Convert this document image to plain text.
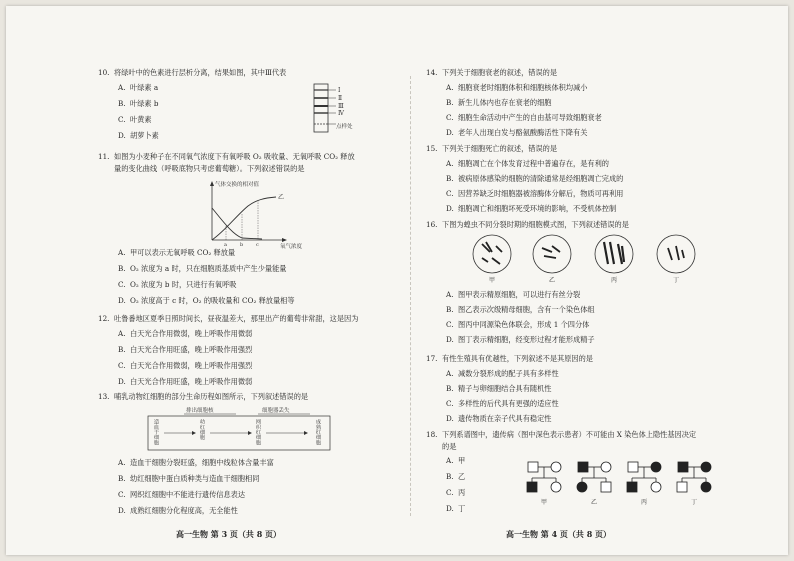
10. 将绿叶中的色素进行层析分离，结果如图，其中Ⅲ代表

A. 叶绿素 a

B. 叶绿素 b

C. 叶黄素

D. 胡萝卜素

Ⅰ
Ⅱ
Ⅲ
Ⅳ
点样处

11. 如图为小麦种子在不同氧气浓度下有氧呼吸 O₂ 吸收量、无氧呼吸 CO₂ 释放

量的变化曲线（呼吸底物只考虑葡萄糖）。下列叙述错误的是

气体交换的相对值
氧气浓度
乙
a	b	c

A. 甲可以表示无氧呼吸 CO₂ 释放量

B. O₂ 浓度为 a 时，只在细胞质基质中产生少量能量

C. O₂ 浓度为 b 时，只进行有氧呼吸

D. O₂ 浓度高于 c 时，O₂ 的吸收量和 CO₂ 释放量相等

12. 吐鲁番地区夏季日照时间长，昼夜温差大，那里出产的葡萄非常甜，这是因为

A. 白天光合作用微弱，晚上呼吸作用微弱

B. 白天光合作用旺盛，晚上呼吸作用强烈

C. 白天光合作用微弱，晚上呼吸作用强烈

D. 白天光合作用旺盛，晚上呼吸作用微弱

13. 哺乳动物红细胞的部分生命历程如图所示，下列叙述错误的是

排出细胞核	细胞器丢失
造血干细胞	幼红细胞	网织红细胞	成熟红细胞

A. 造血干细胞分裂旺盛，细胞中线粒体含量丰富

B. 幼红细胞中蛋白质种类与造血干细胞相同

C. 网织红细胞中不能进行遗传信息表达

D. 成熟红细胞分化程度高，无全能性

高一生物 第 3 页（共 8 页）

14. 下列关于细胞衰老的叙述，错误的是

A. 细胞衰老时细胞体积和细胞核体积均减小

B. 新生儿体内也存在衰老的细胞

C. 细胞生命活动中产生的自由基可导致细胞衰老

D. 老年人出现白发与酪氨酸酶活性下降有关

15. 下列关于细胞死亡的叙述，错误的是

A. 细胞凋亡在个体发育过程中普遍存在，是有利的

B. 被病原体感染的细胞的清除通常是经细胞凋亡完成的

C. 因营养缺乏时细胞器被溶酶体分解后，物质可再利用

D. 细胞凋亡和细胞坏死受环境的影响，不受机体控制

16. 下图为蝗虫不同分裂时期的细胞模式图，下列叙述错误的是

甲	乙	丙	丁

A. 图甲表示精原细胞，可以进行有丝分裂

B. 图乙表示次级精母细胞，含有一个染色体组

C. 图丙中同源染色体联会，形成 1 个四分体

D. 图丁表示精细胞，经变形过程才能形成精子

17. 有性生殖具有优越性，下列叙述不是其原因的是

A. 减数分裂形成的配子具有多样性

B. 精子与卵细胞结合具有随机性

C. 多样性的后代具有更强的适应性

D. 遗传物质在亲子代具有稳定性

18. 下列系谱图中，遗传病（图中深色表示患者）不可能由 X 染色体上隐性基因决定

的是

A. 甲

B. 乙

C. 丙

D. 丁

甲	乙	丙	丁
高一生物 第 4 页（共 8 页）
